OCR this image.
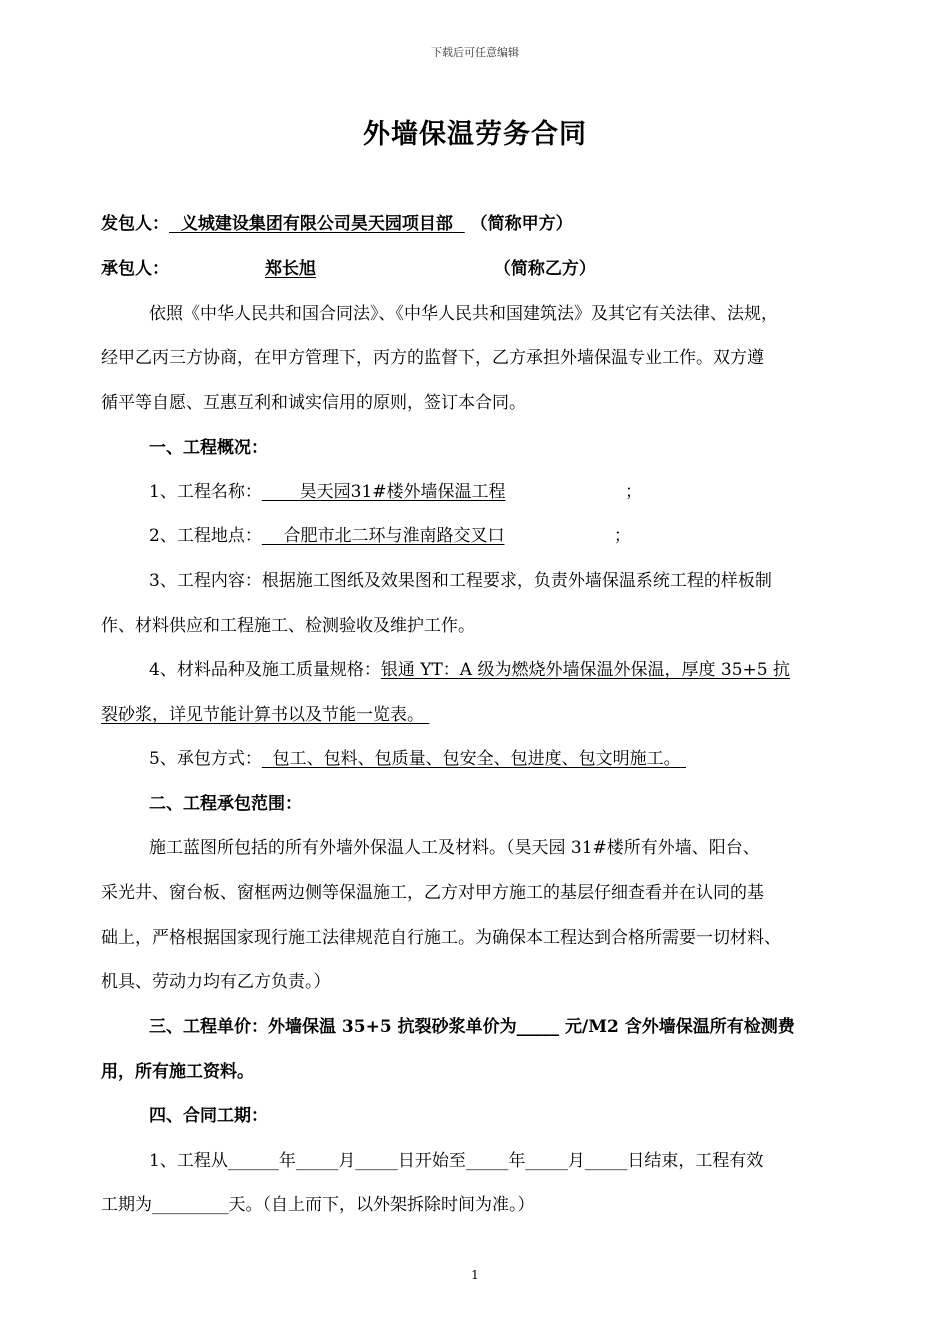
下载后可任意编辑
外墙保温劳务合同
发包人： 义城建设集团有限公司昊天园项目部 （简称甲方）
承包人：	郑长旭	（简称乙方）
依照《中华人民共和国合同法》、《中华人民共和国建筑法》及其它有关法律、法规，
经甲乙丙三方协商，在甲方管理下，丙方的监督下，乙方承担外墙保温专业工作。双方遵
循平等自愿、互惠互利和诚实信用的原则，签订本合同。
一、工程概况：
1、工程名称： 昊天园31#楼外墙保温工程	；
2、工程地点： 合肥市北二环与淮南路交叉口	；
3、工程内容：根据施工图纸及效果图和工程要求，负责外墙保温系统工程的样板制
作、材料供应和工程施工、检测验收及维护工作。
4、材料品种及施工质量规格：银通 YT：A 级为燃烧外墙保温外保温，厚度 35+5 抗
裂砂浆，详见节能计算书以及节能一览表。
5、承包方式： 包工、包料、包质量、包安全、包进度、包文明施工。
二、工程承包范围：
施工蓝图所包括的所有外墙外保温人工及材料。（昊天园 31#楼所有外墙、阳台、
采光井、窗台板、窗框两边侧等保温施工，乙方对甲方施工的基层仔细查看并在认同的基
础上，严格根据国家现行施工法律规范自行施工。为确保本工程达到合格所需要一切材料、
机具、劳动力均有乙方负责。）
三、工程单价：外墙保温 35+5 抗裂砂浆单价为_____ 元/M2 含外墙保温所有检测费
用，所有施工资料。
四、合同工期：
1、工程从______年_____月_____日开始至_____年_____月_____日结束，工程有效
工期为_________天。（自上而下，以外架拆除时间为准。）
1
